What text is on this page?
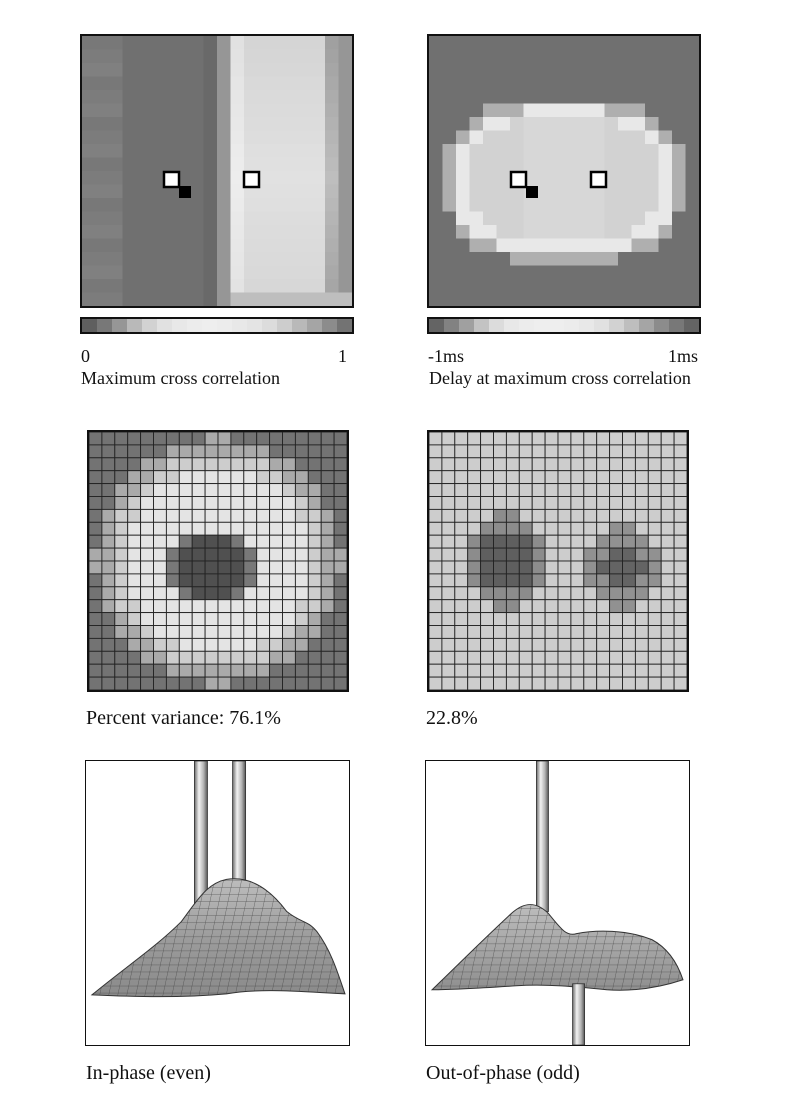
0	1
Maximum cross correlation
-1ms	1ms
Delay at maximum cross correlation
Percent variance: 76.1%	22.8%
In-phase (even)	Out-of-phase (odd)
